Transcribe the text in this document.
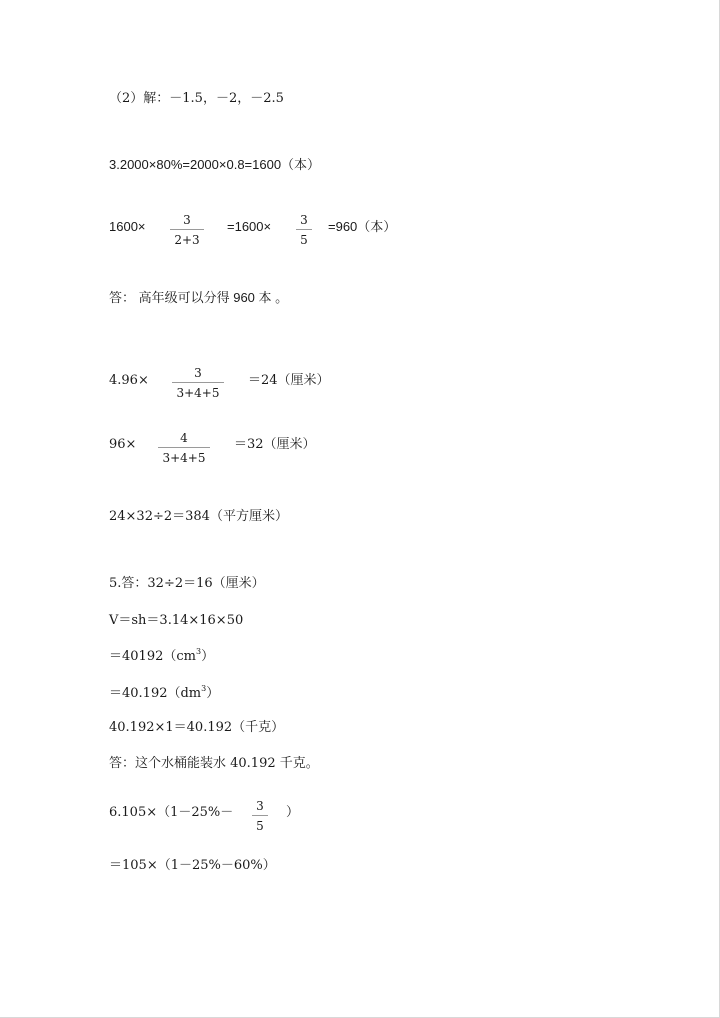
（2）解：－1.5，－2，－2.5
3.2000×80%=2000×0.8=1600（本）
1600×	3
2+3
=1600×	3
5
=960（本）
答： 高年级可以分得 960 本 。
4.96×	3
3+4+5
＝24（厘米）
96×	4
3+4+5
＝32（厘米）
24×32÷2＝384（平方厘米）
5.答：32÷2＝16（厘米）
V＝sh＝3.14×16×50
$=40192(cm^3)$
$=40.192(dm^3)$
40.192×1＝40.192（千克）
答：这个水桶能装水 40.192 千克。
6.105×（1－25%－	3
5
）
＝105×（1－25%－60%）
